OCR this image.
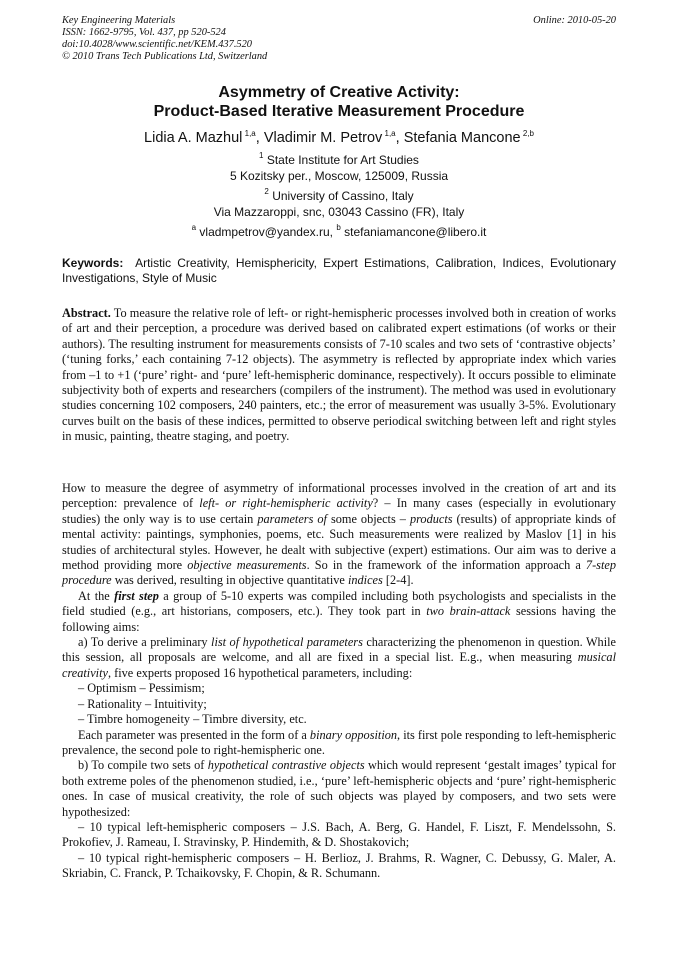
Key Engineering Materials
ISSN: 1662-9795, Vol. 437, pp 520-524
doi:10.4028/www.scientific.net/KEM.437.520
© 2010 Trans Tech Publications Ltd, Switzerland
Online: 2010-05-20
Asymmetry of Creative Activity:
Product-Based Iterative Measurement Procedure
Lidia A. Mazhul $^{1,a}$, Vladimir M. Petrov $^{1,a}$, Stefania Mancone $^{2,b}$
$^1$ State Institute for Art Studies
5 Kozitsky per., Moscow, 125009, Russia
$^2$ University of Cassino, Italy
Via Mazzaroppi, snc, 03043 Cassino (FR), Italy
$^a$ vladmpetrov@yandex.ru, $^b$ stefaniamancone@libero.it
Keywords: Artistic Creativity, Hemisphericity, Expert Estimations, Calibration, Indices, Evolutionary Investigations, Style of Music

Abstract. To measure the relative role of left- or right-hemispheric processes involved both in creation of works of art and their perception, a procedure was derived based on calibrated expert estimations (of works or their authors). The resulting instrument for measurements consists of 7-10 scales and two sets of ‘contrastive objects’ (‘tuning forks,’ each containing 7-12 objects). The asymmetry is reflected by appropriate index which varies from –1 to +1 (‘pure’ right- and ‘pure’ left-hemispheric dominance, respectively). It occurs possible to eliminate subjectivity both of experts and researchers (compilers of the instrument). The method was used in evolutionary studies concerning 102 composers, 240 painters, etc.; the error of measurement was usually 3-5%. Evolutionary curves built on the basis of these indices, permitted to observe periodical switching between left and right styles in music, painting, theatre staging, and poetry.

How to measure the degree of asymmetry of informational processes involved in the creation of art and its perception: prevalence of left- or right-hemispheric activity? – In many cases (especially in evolutionary studies) the only way is to use certain parameters of some objects – products (results) of appropriate kinds of mental activity: paintings, symphonies, poems, etc. Such measurements were realized by Maslov [1] in his studies of architectural styles. However, he dealt with subjective (expert) estimations. Our aim was to derive a method providing more objective measurements. So in the framework of the information approach a 7-step procedure was derived, resulting in objective quantitative indices [2-4].

At the first step a group of 5-10 experts was compiled including both psychologists and specialists in the field studied (e.g., art historians, composers, etc.). They took part in two brain-attack sessions having the following aims:

a) To derive a preliminary list of hypothetical parameters characterizing the phenomenon in question. While this session, all proposals are welcome, and all are fixed in a special list. E.g., when measuring musical creativity, five experts proposed 16 hypothetical parameters, including:

– Optimism – Pessimism;

– Rationality – Intuitivity;

– Timbre homogeneity – Timbre diversity, etc.

Each parameter was presented in the form of a binary opposition, its first pole responding to left-hemispheric prevalence, the second pole to right-hemispheric one.

b) To compile two sets of hypothetical contrastive objects which would represent ‘gestalt images’ typical for both extreme poles of the phenomenon studied, i.e., ‘pure’ left-hemispheric objects and ‘pure’ right-hemispheric ones. In case of musical creativity, the role of such objects was played by composers, and two sets were hypothesized:

– 10 typical left-hemispheric composers – J.S. Bach, A. Berg, G. Handel, F. Liszt, F. Mendelssohn, S. Prokofiev, J. Rameau, I. Stravinsky, P. Hindemith, & D. Shostakovich;

– 10 typical right-hemispheric composers – H. Berlioz, J. Brahms, R. Wagner, C. Debussy, G. Maler, A. Skriabin, C. Franck, P. Tchaikovsky, F. Chopin, & R. Schumann.
